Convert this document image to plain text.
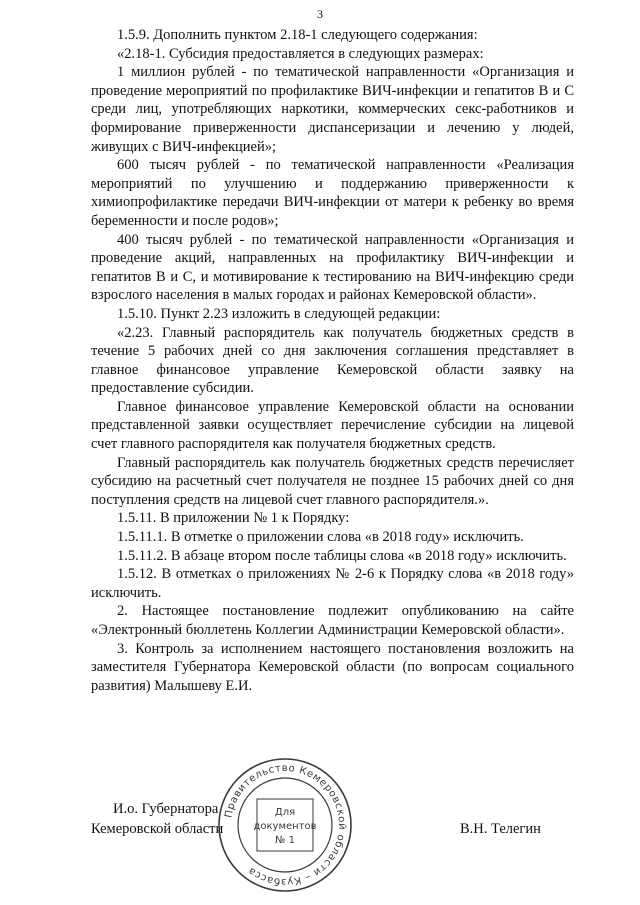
3

1.5.9. Дополнить пунктом 2.18-1 следующего содержания:

«2.18-1. Субсидия предоставляется в следующих размерах:

1 миллион рублей - по тематической направленности «Организация и проведение мероприятий по профилактике ВИЧ-инфекции и гепатитов В и С среди лиц, употребляющих наркотики, коммерческих секс-работников и формирование приверженности диспансеризации и лечению у людей, живущих с ВИЧ-инфекцией»;

600 тысяч рублей - по тематической направленности «Реализация мероприятий по улучшению и поддержанию приверженности к химиопрофилактике передачи ВИЧ-инфекции от матери к ребенку во время беременности и после родов»;

400 тысяч рублей - по тематической направленности «Организация и проведение акций, направленных на профилактику ВИЧ-инфекции и гепатитов В и С, и мотивирование к тестированию на ВИЧ-инфекцию среди взрослого населения в малых городах и районах Кемеровской области».

1.5.10. Пункт 2.23 изложить в следующей редакции:

«2.23. Главный распорядитель как получатель бюджетных средств в течение 5 рабочих дней со дня заключения соглашения представляет в главное финансовое управление Кемеровской области заявку на предоставление субсидии.

Главное финансовое управление Кемеровской области на основании представленной заявки осуществляет перечисление субсидии на лицевой счет главного распорядителя как получателя бюджетных средств.

Главный распорядитель как получатель бюджетных средств перечисляет субсидию на расчетный счет получателя не позднее 15 рабочих дней со дня поступления средств на лицевой счет главного распорядителя.».

1.5.11. В приложении № 1 к Порядку:

1.5.11.1. В отметке о приложении слова «в 2018 году» исключить.

1.5.11.2. В абзаце втором после таблицы слова «в 2018 году» исключить.

1.5.12. В отметках о приложениях № 2-6 к Порядку слова «в 2018 году» исключить.

2. Настоящее постановление подлежит опубликованию на сайте «Электронный бюллетень Коллегии Администрации Кемеровской области».

3. Контроль за исполнением настоящего постановления возложить на заместителя Губернатора Кемеровской области (по вопросам социального развития) Малышеву Е.И.

И.о. Губернатора
Кемеровской области	В.Н. Телегин
Правительство Кемеровской области – Кузбасса
Для
документов
№ 1
